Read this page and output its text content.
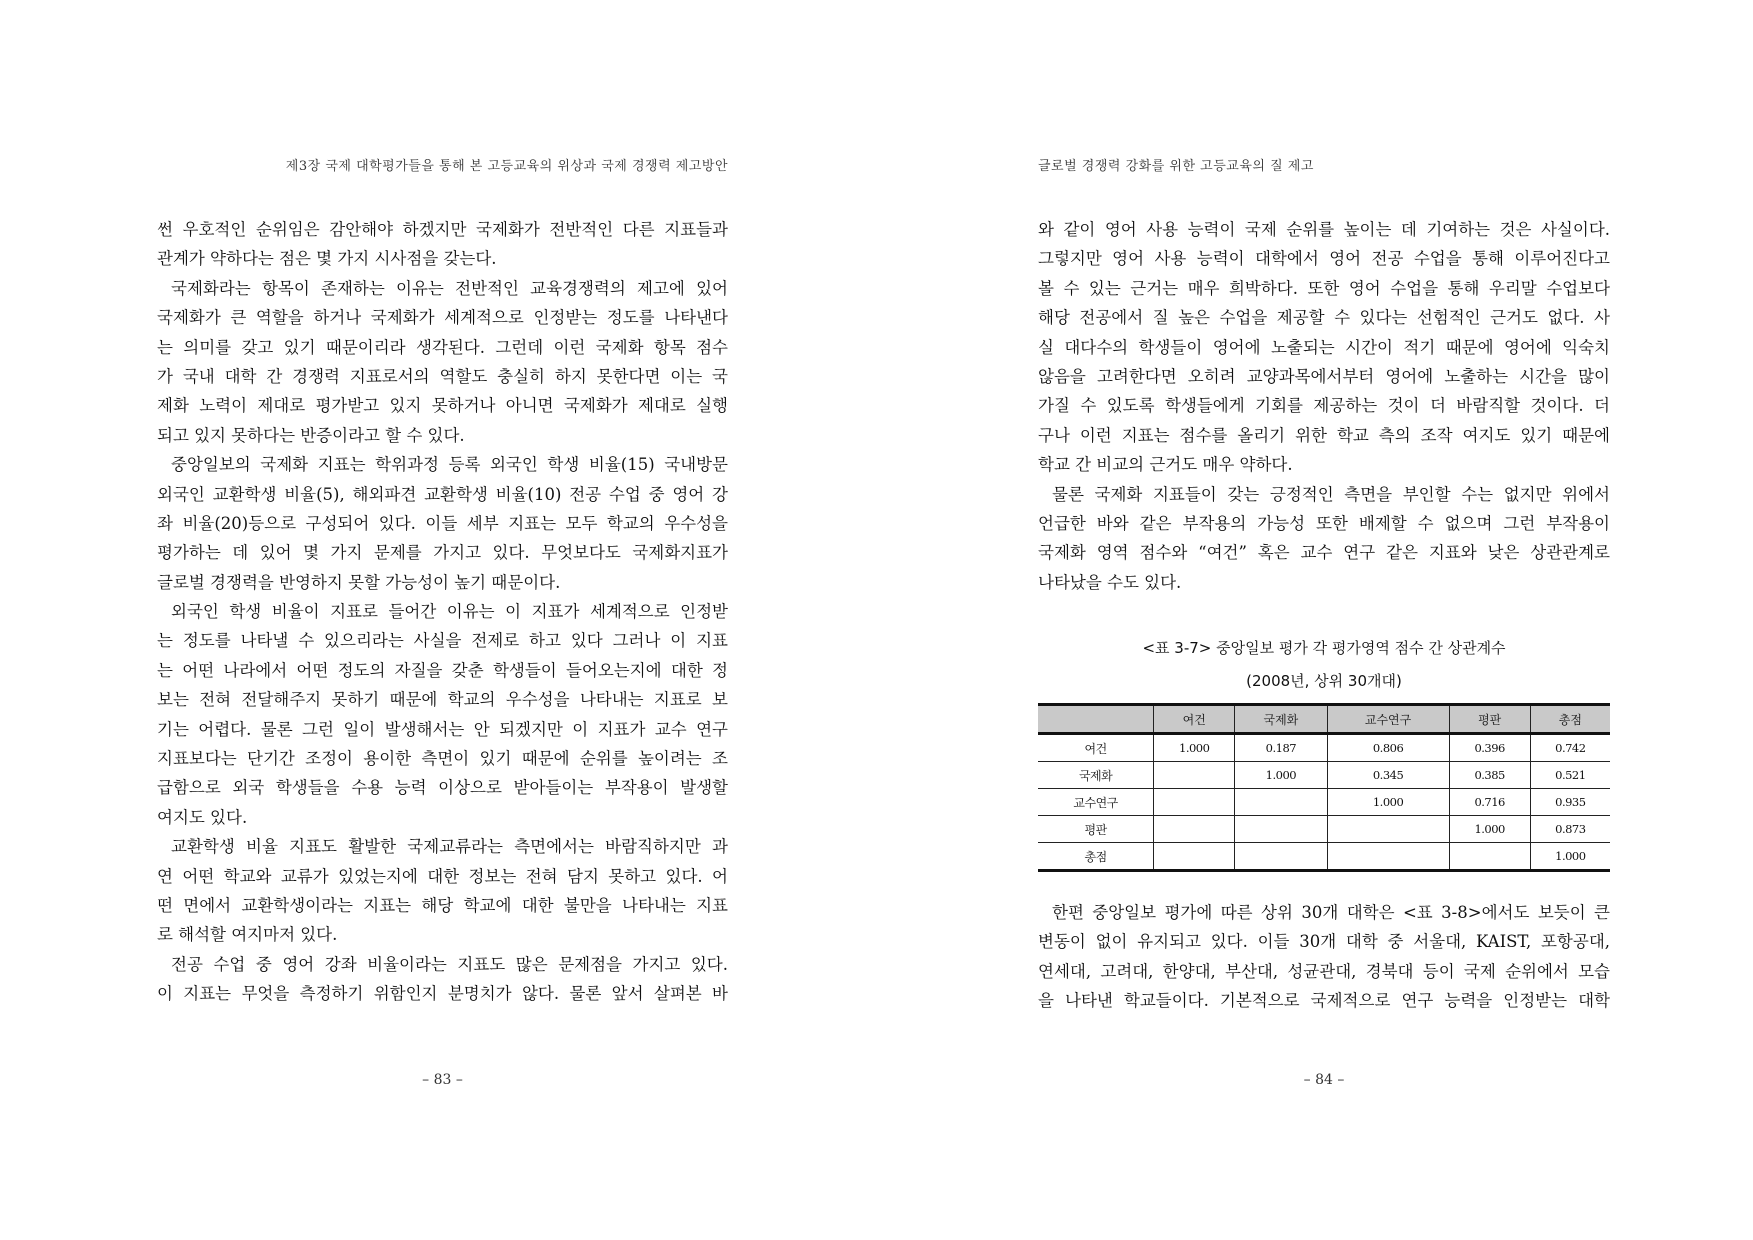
제3장 국제 대학평가들을 통해 본 고등교육의 위상과 국제 경쟁력 제고방안
썬 우호적인 순위임은 감안해야 하겠지만 국제화가 전반적인 다른 지표들과
관계가 약하다는 점은 몇 가지 시사점을 갖는다.
국제화라는 항목이 존재하는 이유는 전반적인 교육경쟁력의 제고에 있어
국제화가 큰 역할을 하거나 국제화가 세계적으로 인정받는 정도를 나타낸다
는 의미를 갖고 있기 때문이리라 생각된다. 그런데 이런 국제화 항목 점수
가 국내 대학 간 경쟁력 지표로서의 역할도 충실히 하지 못한다면 이는 국
제화 노력이 제대로 평가받고 있지 못하거나 아니면 국제화가 제대로 실행
되고 있지 못하다는 반증이라고 할 수 있다.
중앙일보의 국제화 지표는 학위과정 등록 외국인 학생 비율(15) 국내방문
외국인 교환학생 비율(5), 해외파견 교환학생 비율(10) 전공 수업 중 영어 강
좌 비율(20)등으로 구성되어 있다. 이들 세부 지표는 모두 학교의 우수성을
평가하는 데 있어 몇 가지 문제를 가지고 있다. 무엇보다도 국제화지표가
글로벌 경쟁력을 반영하지 못할 가능성이 높기 때문이다.
외국인 학생 비율이 지표로 들어간 이유는 이 지표가 세계적으로 인정받
는 정도를 나타낼 수 있으리라는 사실을 전제로 하고 있다 그러나 이 지표
는 어떤 나라에서 어떤 정도의 자질을 갖춘 학생들이 들어오는지에 대한 정
보는 전혀 전달해주지 못하기 때문에 학교의 우수성을 나타내는 지표로 보
기는 어렵다. 물론 그런 일이 발생해서는 안 되겠지만 이 지표가 교수 연구
지표보다는 단기간 조정이 용이한 측면이 있기 때문에 순위를 높이려는 조
급함으로 외국 학생들을 수용 능력 이상으로 받아들이는 부작용이 발생할
여지도 있다.
교환학생 비율 지표도 활발한 국제교류라는 측면에서는 바람직하지만 과
연 어떤 학교와 교류가 있었는지에 대한 정보는 전혀 담지 못하고 있다. 어
떤 면에서 교환학생이라는 지표는 해당 학교에 대한 불만을 나타내는 지표
로 해석할 여지마저 있다.
전공 수업 중 영어 강좌 비율이라는 지표도 많은 문제점을 가지고 있다.
이 지표는 무엇을 측정하기 위함인지 분명치가 않다. 물론 앞서 살펴본 바
– 83 –
글로벌 경쟁력 강화를 위한 고등교육의 질 제고
와 같이 영어 사용 능력이 국제 순위를 높이는 데 기여하는 것은 사실이다.
그렇지만 영어 사용 능력이 대학에서 영어 전공 수업을 통해 이루어진다고
볼 수 있는 근거는 매우 희박하다. 또한 영어 수업을 통해 우리말 수업보다
해당 전공에서 질 높은 수업을 제공할 수 있다는 선험적인 근거도 없다. 사
실 대다수의 학생들이 영어에 노출되는 시간이 적기 때문에 영어에 익숙치
않음을 고려한다면 오히려 교양과목에서부터 영어에 노출하는 시간을 많이
가질 수 있도록 학생들에게 기회를 제공하는 것이 더 바람직할 것이다. 더
구나 이런 지표는 점수를 올리기 위한 학교 측의 조작 여지도 있기 때문에
학교 간 비교의 근거도 매우 약하다.
물론 국제화 지표들이 갖는 긍정적인 측면을 부인할 수는 없지만 위에서
언급한 바와 같은 부작용의 가능성 또한 배제할 수 없으며 그런 부작용이
국제화 영역 점수와 “여건” 혹은 교수 연구 같은 지표와 낮은 상관관계로
나타났을 수도 있다.
<표 3-7> 중앙일보 평가 각 평가영역 점수 간 상관계수
(2008년, 상위 30개대)
	여건	국제화	교수연구	평판	총점
여건	1.000	0.187	0.806	0.396	0.742
국제화		1.000	0.345	0.385	0.521
교수연구			1.000	0.716	0.935
평판				1.000	0.873
총점					1.000
한편 중앙일보 평가에 따른 상위 30개 대학은 <표 3-8>에서도 보듯이 큰
변동이 없이 유지되고 있다. 이들 30개 대학 중 서울대, KAIST, 포항공대,
연세대, 고려대, 한양대, 부산대, 성균관대, 경북대 등이 국제 순위에서 모습
을 나타낸 학교들이다. 기본적으로 국제적으로 연구 능력을 인정받는 대학
– 84 –
